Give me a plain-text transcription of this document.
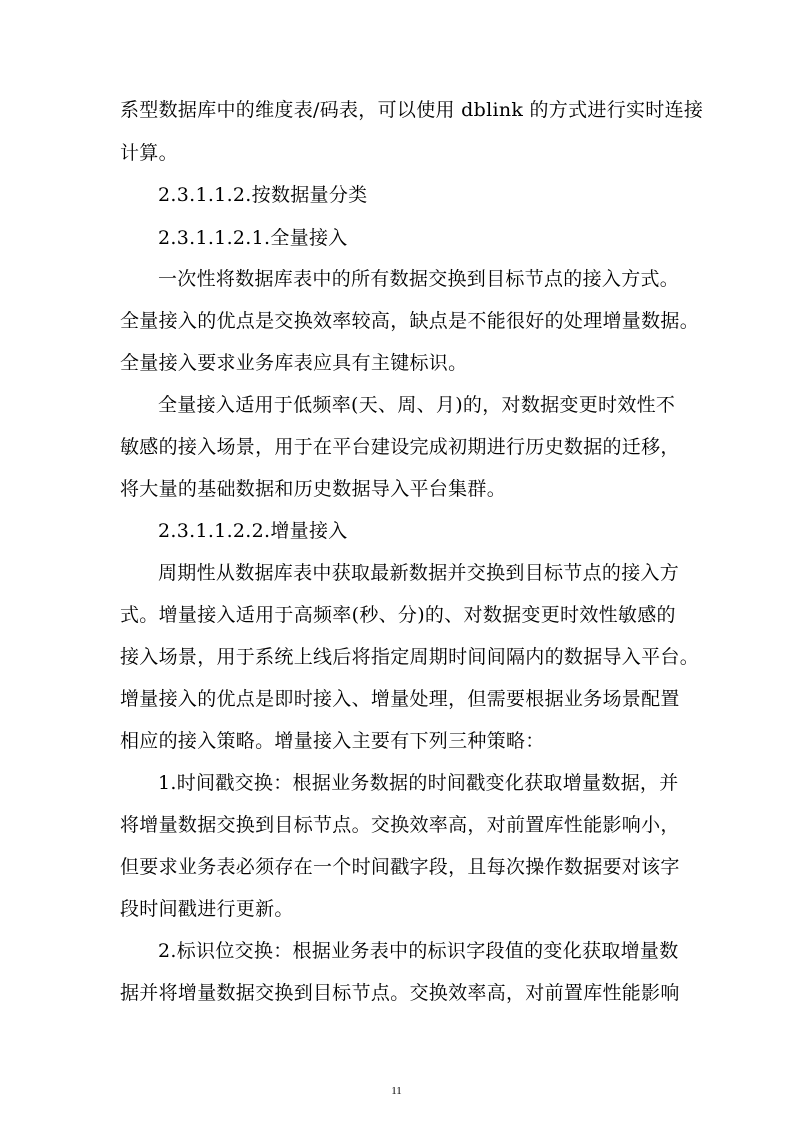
系型数据库中的维度表/码表，可以使用 dblink 的方式进行实时连接
计算。
2.3.1.1.2.按数据量分类
2.3.1.1.2.1.全量接入
一次性将数据库表中的所有数据交换到目标节点的接入方式。
全量接入的优点是交换效率较高，缺点是不能很好的处理增量数据。
全量接入要求业务库表应具有主键标识。
全量接入适用于低频率(天、周、月)的，对数据变更时效性不
敏感的接入场景，用于在平台建设完成初期进行历史数据的迁移，
将大量的基础数据和历史数据导入平台集群。
2.3.1.1.2.2.增量接入
周期性从数据库表中获取最新数据并交换到目标节点的接入方
式。增量接入适用于高频率(秒、分)的、对数据变更时效性敏感的
接入场景，用于系统上线后将指定周期时间间隔内的数据导入平台。
增量接入的优点是即时接入、增量处理，但需要根据业务场景配置
相应的接入策略。增量接入主要有下列三种策略：
1.时间戳交换：根据业务数据的时间戳变化获取增量数据，并
将增量数据交换到目标节点。交换效率高，对前置库性能影响小，
但要求业务表必须存在一个时间戳字段，且每次操作数据要对该字
段时间戳进行更新。
2.标识位交换：根据业务表中的标识字段值的变化获取增量数
据并将增量数据交换到目标节点。交换效率高，对前置库性能影响
11
